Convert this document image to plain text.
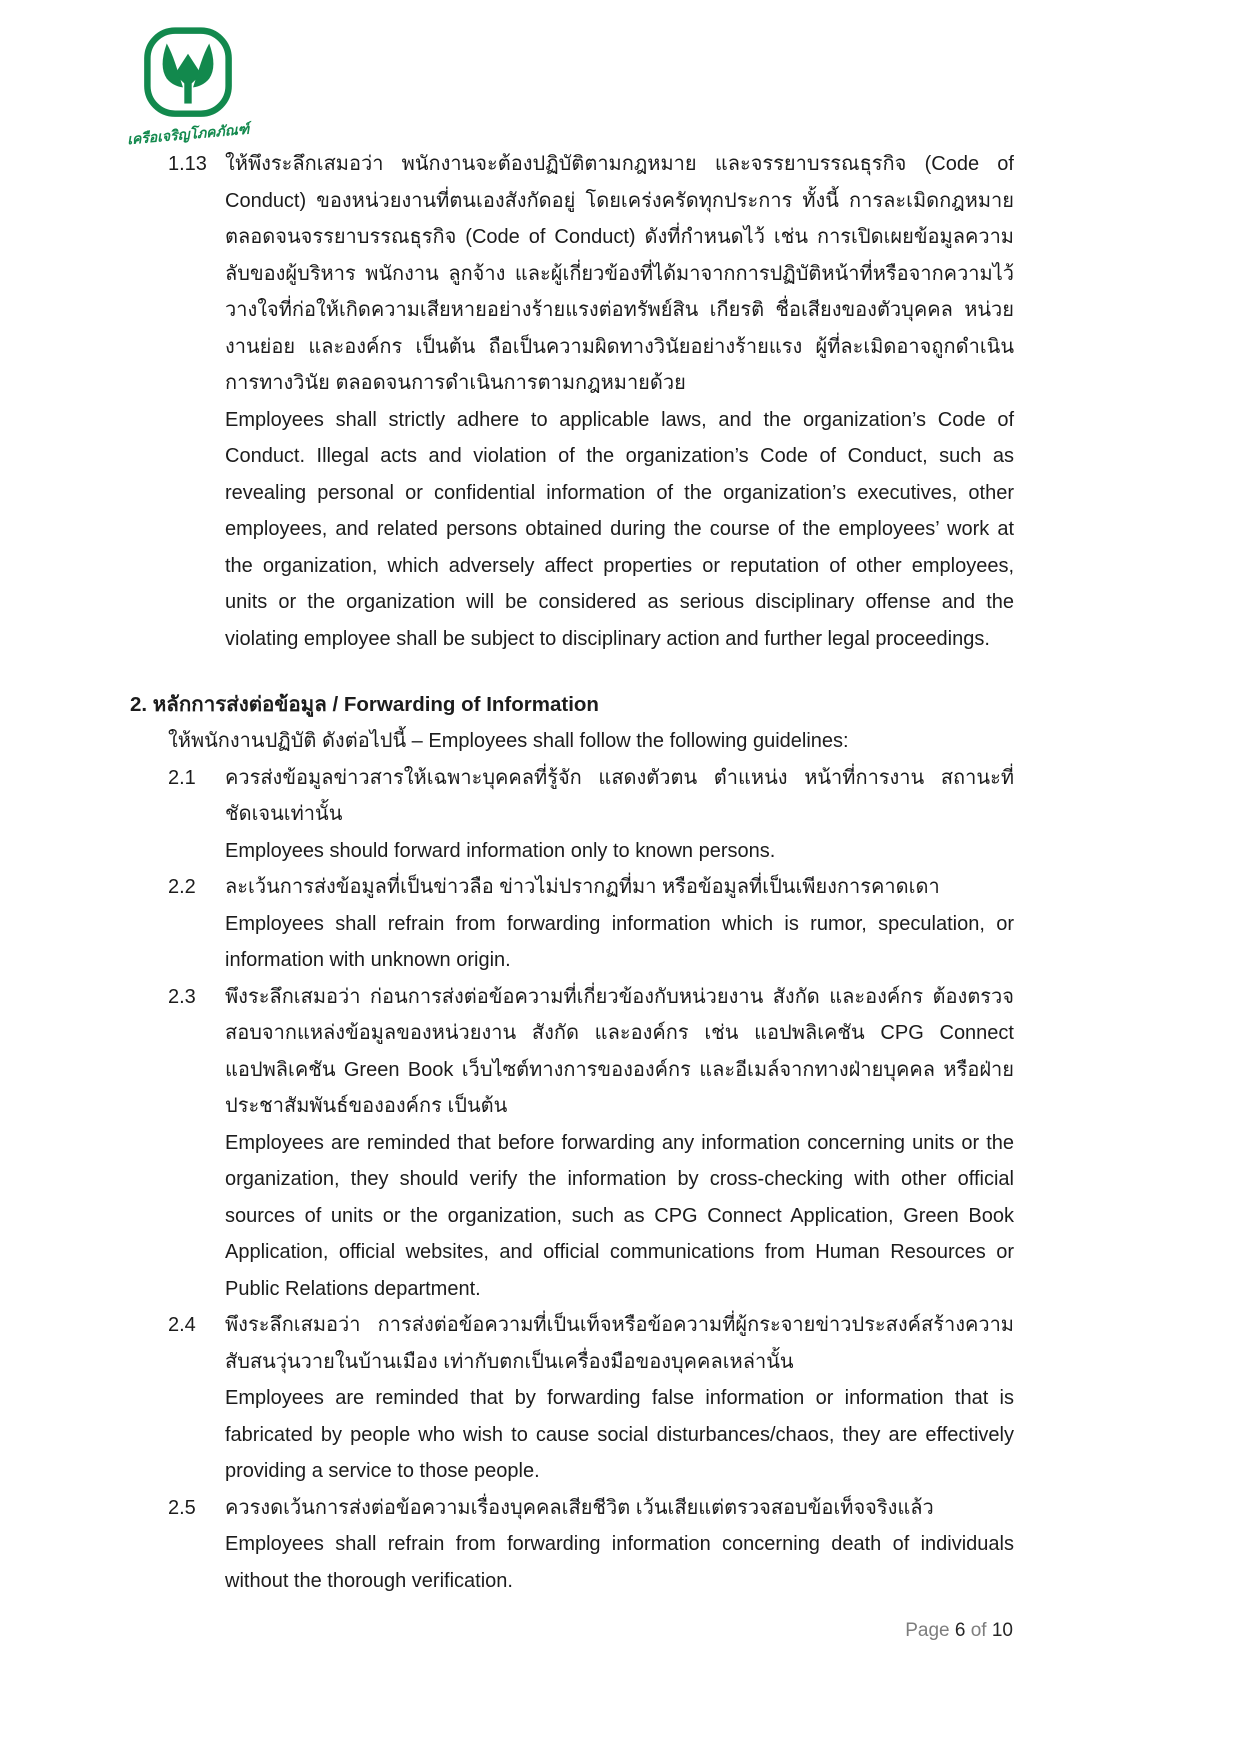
เครือเจริญโภคภัณฑ์
1.13 ให้พึงระลึกเสมอว่า พนักงานจะต้องปฏิบัติตามกฎหมาย และจรรยาบรรณธุรกิจ (Code of Conduct) ของหน่วยงานที่ตนเองสังกัดอยู่ โดยเคร่งครัดทุกประการ ทั้งนี้ การละเมิดกฎหมาย ตลอดจนจรรยาบรรณธุรกิจ (Code of Conduct) ดังที่กำหนดไว้ เช่น การเปิดเผยข้อมูลความลับของผู้บริหาร พนักงาน ลูกจ้าง และผู้เกี่ยวข้องที่ได้มาจากการปฏิบัติหน้าที่หรือจากความไว้วางใจที่ก่อให้เกิดความเสียหายอย่างร้ายแรงต่อทรัพย์สิน เกียรติ ชื่อเสียงของตัวบุคคล หน่วยงานย่อย และองค์กร เป็นต้น ถือเป็นความผิดทางวินัยอย่างร้ายแรง ผู้ที่ละเมิดอาจถูกดำเนินการทางวินัย ตลอดจนการดำเนินการตามกฎหมายด้วย

Employees shall strictly adhere to applicable laws, and the organization’s Code of Conduct. Illegal acts and violation of the organization’s Code of Conduct, such as revealing personal or confidential information of the organization’s executives, other employees, and related persons obtained during the course of the employees’ work at the organization, which adversely affect properties or reputation of other employees, units or the organization will be considered as serious disciplinary offense and the violating employee shall be subject to disciplinary action and further legal proceedings.

2. หลักการส่งต่อข้อมูล / Forwarding of Information

ให้พนักงานปฏิบัติ ดังต่อไปนี้ – Employees shall follow the following guidelines:

2.1	ควรส่งข้อมูลข่าวสารให้เฉพาะบุคคลที่รู้จัก แสดงตัวตน ตำแหน่ง หน้าที่การงาน สถานะที่ชัดเจนเท่านั้น

Employees should forward information only to known persons.

2.2	ละเว้นการส่งข้อมูลที่เป็นข่าวลือ ข่าวไม่ปรากฏที่มา หรือข้อมูลที่เป็นเพียงการคาดเดา

Employees shall refrain from forwarding information which is rumor, speculation, or information with unknown origin.

2.3	พึงระลึกเสมอว่า ก่อนการส่งต่อข้อความที่เกี่ยวข้องกับหน่วยงาน สังกัด และองค์กร ต้องตรวจสอบจากแหล่งข้อมูลของหน่วยงาน สังกัด และองค์กร เช่น แอปพลิเคชัน CPG Connect แอปพลิเคชัน Green Book เว็บไซต์ทางการขององค์กร และอีเมล์จากทางฝ่ายบุคคล หรือฝ่ายประชาสัมพันธ์ขององค์กร เป็นต้น

Employees are reminded that before forwarding any information concerning units or the organization, they should verify the information by cross-checking with other official sources of units or the organization, such as CPG Connect Application, Green Book Application, official websites, and official communications from Human Resources or Public Relations department.

2.4	พึงระลึกเสมอว่า การส่งต่อข้อความที่เป็นเท็จหรือข้อความที่ผู้กระจายข่าวประสงค์สร้างความสับสนวุ่นวายในบ้านเมือง เท่ากับตกเป็นเครื่องมือของบุคคลเหล่านั้น

Employees are reminded that by forwarding false information or information that is fabricated by people who wish to cause social disturbances/chaos, they are effectively providing a service to those people.

2.5	ควรงดเว้นการส่งต่อข้อความเรื่องบุคคลเสียชีวิต เว้นเสียแต่ตรวจสอบข้อเท็จจริงแล้ว

Employees shall refrain from forwarding information concerning death of individuals without the thorough verification.

Page 6 of 10
